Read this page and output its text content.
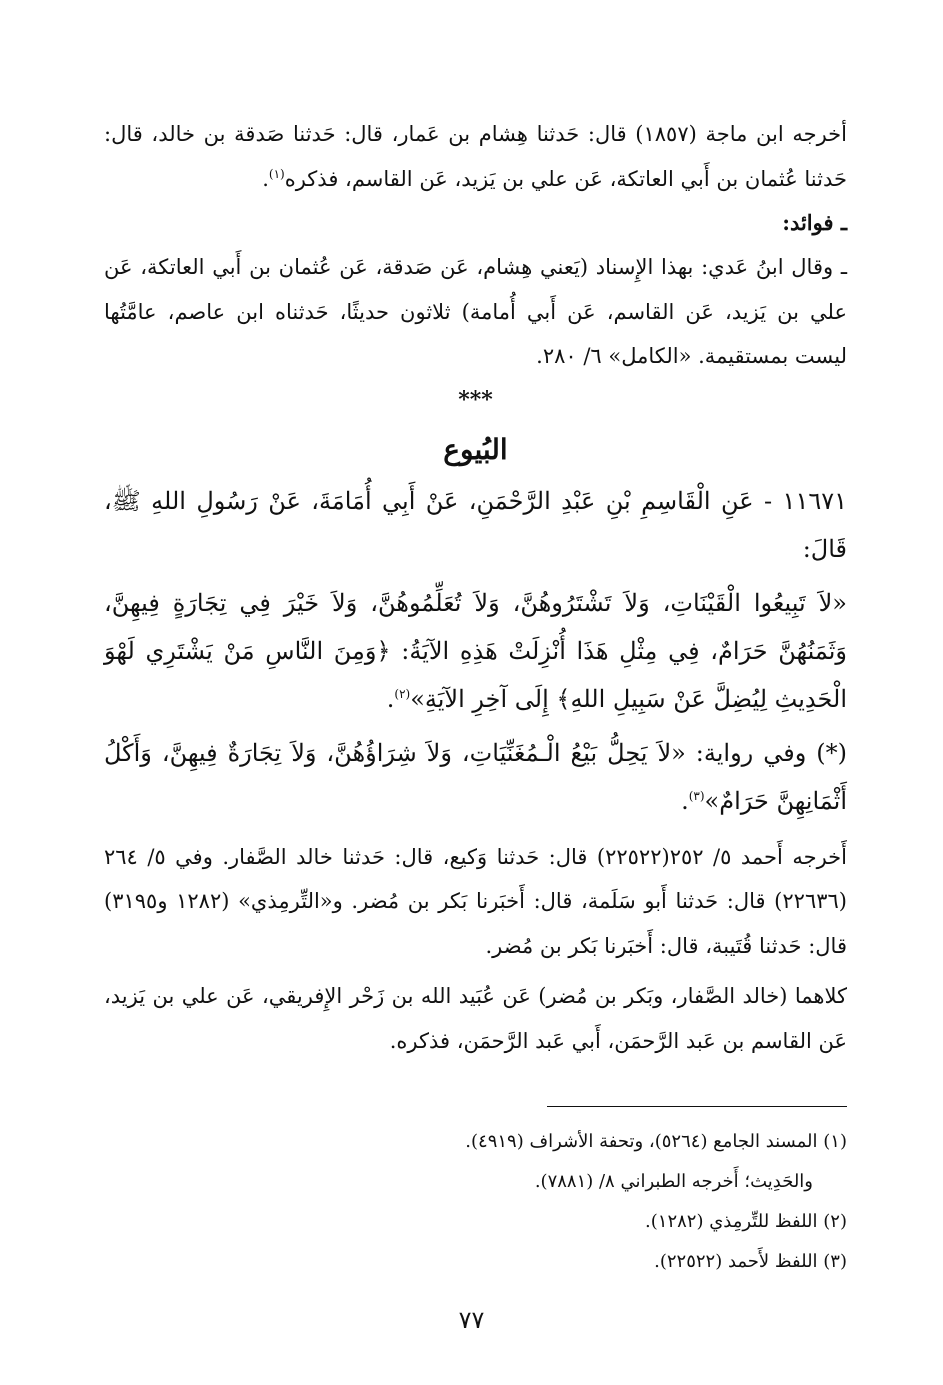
أخرجه ابن ماجة (١٨٥٧) قال: حَدثنا هِشام بن عَمار، قال: حَدثنا صَدقة بن خالد، قال: حَدثنا عُثمان بن أَبي العاتكة، عَن علي بن يَزيد، عَن القاسم، فذكره$^{(١)}$.

ـ فوائد:

ـ وقال ابنُ عَدي: بهذا الإِسناد (يَعني هِشام، عَن صَدقة، عَن عُثمان بن أَبي العاتكة، عَن علي بن يَزيد، عَن القاسم، عَن أَبي أُمامة) ثلاثون حديثًا، حَدثناه ابن عاصم، عامَّتُها ليست بمستقيمة. «الكامل» ٦/ ٢٨٠.

***

البُيوع

١١٦٧١ - عَنِ الْقَاسِمِ بْنِ عَبْدِ الرَّحْمَنِ، عَنْ أَبِي أُمَامَةَ، عَنْ رَسُولِ اللهِ ﷺ، قَالَ:

«لاَ تَبِيعُوا الْقَيْنَاتِ، وَلاَ تَشْتَرُوهُنَّ، وَلاَ تُعَلِّمُوهُنَّ، وَلاَ خَيْرَ فِي تِجَارَةٍ فِيهِنَّ، وَثَمَنُهُنَّ حَرَامٌ، فِي مِثْلِ هَذَا أُنْزِلَتْ هَذِهِ الآيَةُ: ﴿وَمِنَ النَّاسِ مَنْ يَشْتَرِي لَهْوَ الْحَدِيثِ لِيُضِلَّ عَنْ سَبِيلِ اللهِ﴾ إِلَى آخِرِ الآيَةِ»$^{(٢)}$.

(*) وفي رواية: «لاَ يَحِلُّ بَيْعُ الْـمُغَنِّيَاتِ، وَلاَ شِرَاؤُهُنَّ، وَلاَ تِجَارَةٌ فِيهِنَّ، وَأَكْلُ أَثْمَانِهِنَّ حَرَامٌ»$^{(٣)}$.

أَخرجه أَحمد ٥/ ٢٥٢(٢٢٥٢٢) قال: حَدثنا وَكيع، قال: حَدثنا خالد الصَّفار. وفي ٥/ ٢٦٤ (٢٢٦٣٦) قال: حَدثنا أَبو سَلَمة، قال: أَخبَرنا بَكر بن مُضر. و«التِّرمِذي» (١٢٨٢ و٣١٩٥) قال: حَدثنا قُتَيبة، قال: أَخبَرنا بَكر بن مُضر.

كلاهما (خالد الصَّفار، وبَكر بن مُضر) عَن عُبَيد الله بن زَحْر الإِفريقي، عَن علي بن يَزيد، عَن القاسم بن عَبد الرَّحمَن، أَبي عَبد الرَّحمَن، فذكره.

(١) المسند الجامع (٥٢٦٤)، وتحفة الأشراف (٤٩١٩).

والحَدِيث؛ أَخرجه الطبراني ٨/ (٧٨٨١).

(٢) اللفظ للتِّرمِذي (١٢٨٢).

(٣) اللفظ لأَحمد (٢٢٥٢٢).

٧٧
